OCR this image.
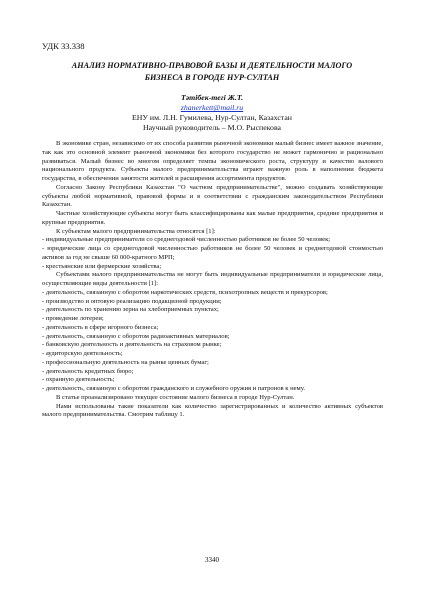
УДК 33.338
АНАЛИЗ НОРМАТИВНО-ПРАВОВОЙ БАЗЫ И ДЕЯТЕЛЬНОСТИ МАЛОГО
БИЗНЕСА В ГОРОДЕ НУР-СУЛТАН
Тәтібек-тегі Ж.Т.
zhanerkett@mail.ru
ЕНУ им. Л.Н. Гумилева, Нур-Султан, Казахстан
Научный руководитель – М.О. Рыспекова

В экономике стран, независимо от их способа развития рыночной экономики малый бизнес имеет важное значение, так как это основной элемент рыночной экономики без которого государство не может гармонично и рационально развиваться. Малый бизнес во многом определяет темпы экономического роста, структуру и качество валового национального продукта. Субъекты малого предпринимательства играют важную роль в наполнении бюджета государства, в обеспечении занятости жителей и расширения ассортимента продуктов.

Согласно Закону Республики Казахстан "О частном предпринимательстве", можно создавать хозяйствующие субъекты любой нормативной, правовой формы и в соответствии с гражданским законодательством Республики Казахстан.

Частные хозяйствующие субъекты могут быть классифицированы как малые предприятия, средние предприятия и крупные предприятия.

К субъектам малого предпринимательства относятся [1]:

- индивидуальные предприниматели со среднегодовой численностью работников не более 50 человек;

- юридические лица со среднегодовой численностью работников не более 50 человек и среднегодовой стоимостью активов за год не свыше 60 000-кратного МРП;

- крестьянские или фермерские хозяйства;

Субъектами малого предпринимательства не могут быть индивидуальные предприниматели и юридические лица, осуществляющие виды деятельности [1]:

- деятельность, связанную с оборотом наркотических средств, психотропных веществ и прекурсоров;

- производство и оптовую реализацию подакцизной продукции;

- деятельность по хранению зерна на хлебоприемных пунктах;

- проведение лотереи;

- деятельность в сфере игорного бизнеса;

- деятельность, связанную с оборотом радиоактивных материалов;

- банковскую деятельность и деятельность на страховом рынке;

- аудиторскую деятельность;

- профессиональную деятельность на рынке ценных бумаг;

- деятельность кредитных бюро;

- охранную деятельность;

- деятельность, связанную с оборотом гражданского и служебного оружия и патронов к нему.

В статье проанализировано текущее состояние малого бизнеса в городе Нур-Султан.

Нами использованы такие показатели как количество зарегистрированных и количество активных субъектов малого предпринимательства. Смотрим таблицу 1.

3340
